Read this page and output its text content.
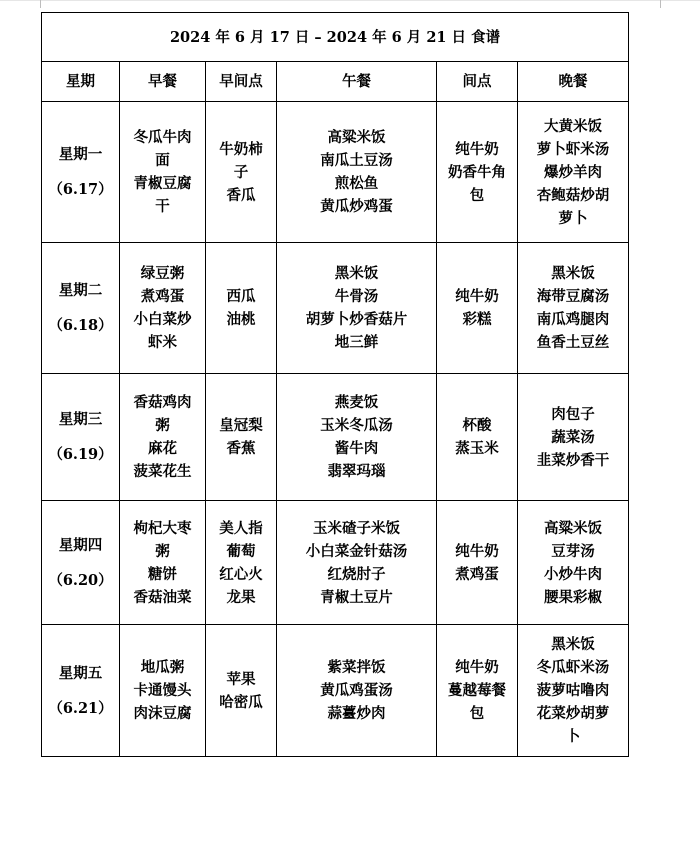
2024 年 6 月 17 日 – 2024 年 6 月 21 日 食谱					
星期	早餐	早间点	午餐	间点	晚餐

星期一
（6.17）	冬瓜牛肉
面
青椒豆腐
干	牛奶柿
子
香瓜	高粱米饭
南瓜土豆汤
煎松鱼
黄瓜炒鸡蛋	纯牛奶
奶香牛角
包	大黄米饭
萝卜虾米汤
爆炒羊肉
杏鲍菇炒胡
萝卜

星期二
（6.18）	绿豆粥
煮鸡蛋
小白菜炒
虾米	西瓜
油桃	黑米饭
牛骨汤
胡萝卜炒香菇片
地三鲜	纯牛奶
彩糕	黑米饭
海带豆腐汤
南瓜鸡腿肉
鱼香土豆丝

星期三
（6.19）	香菇鸡肉
粥
麻花
菠菜花生	皇冠梨
香蕉	燕麦饭
玉米冬瓜汤
酱牛肉
翡翠玛瑙	杯酸
蒸玉米	肉包子
蔬菜汤
韭菜炒香干

星期四
（6.20）	枸杞大枣
粥
糖饼
香菇油菜	美人指
葡萄
红心火
龙果	玉米碴子米饭
小白菜金针菇汤
红烧肘子
青椒土豆片	纯牛奶
煮鸡蛋	高粱米饭
豆芽汤
小炒牛肉
腰果彩椒

星期五
（6.21）	地瓜粥
卡通馒头
肉沫豆腐	苹果
哈密瓜	紫菜拌饭
黄瓜鸡蛋汤
蒜薹炒肉	纯牛奶
蔓越莓餐
包	黑米饭
冬瓜虾米汤
菠萝咕噜肉
花菜炒胡萝
卜
